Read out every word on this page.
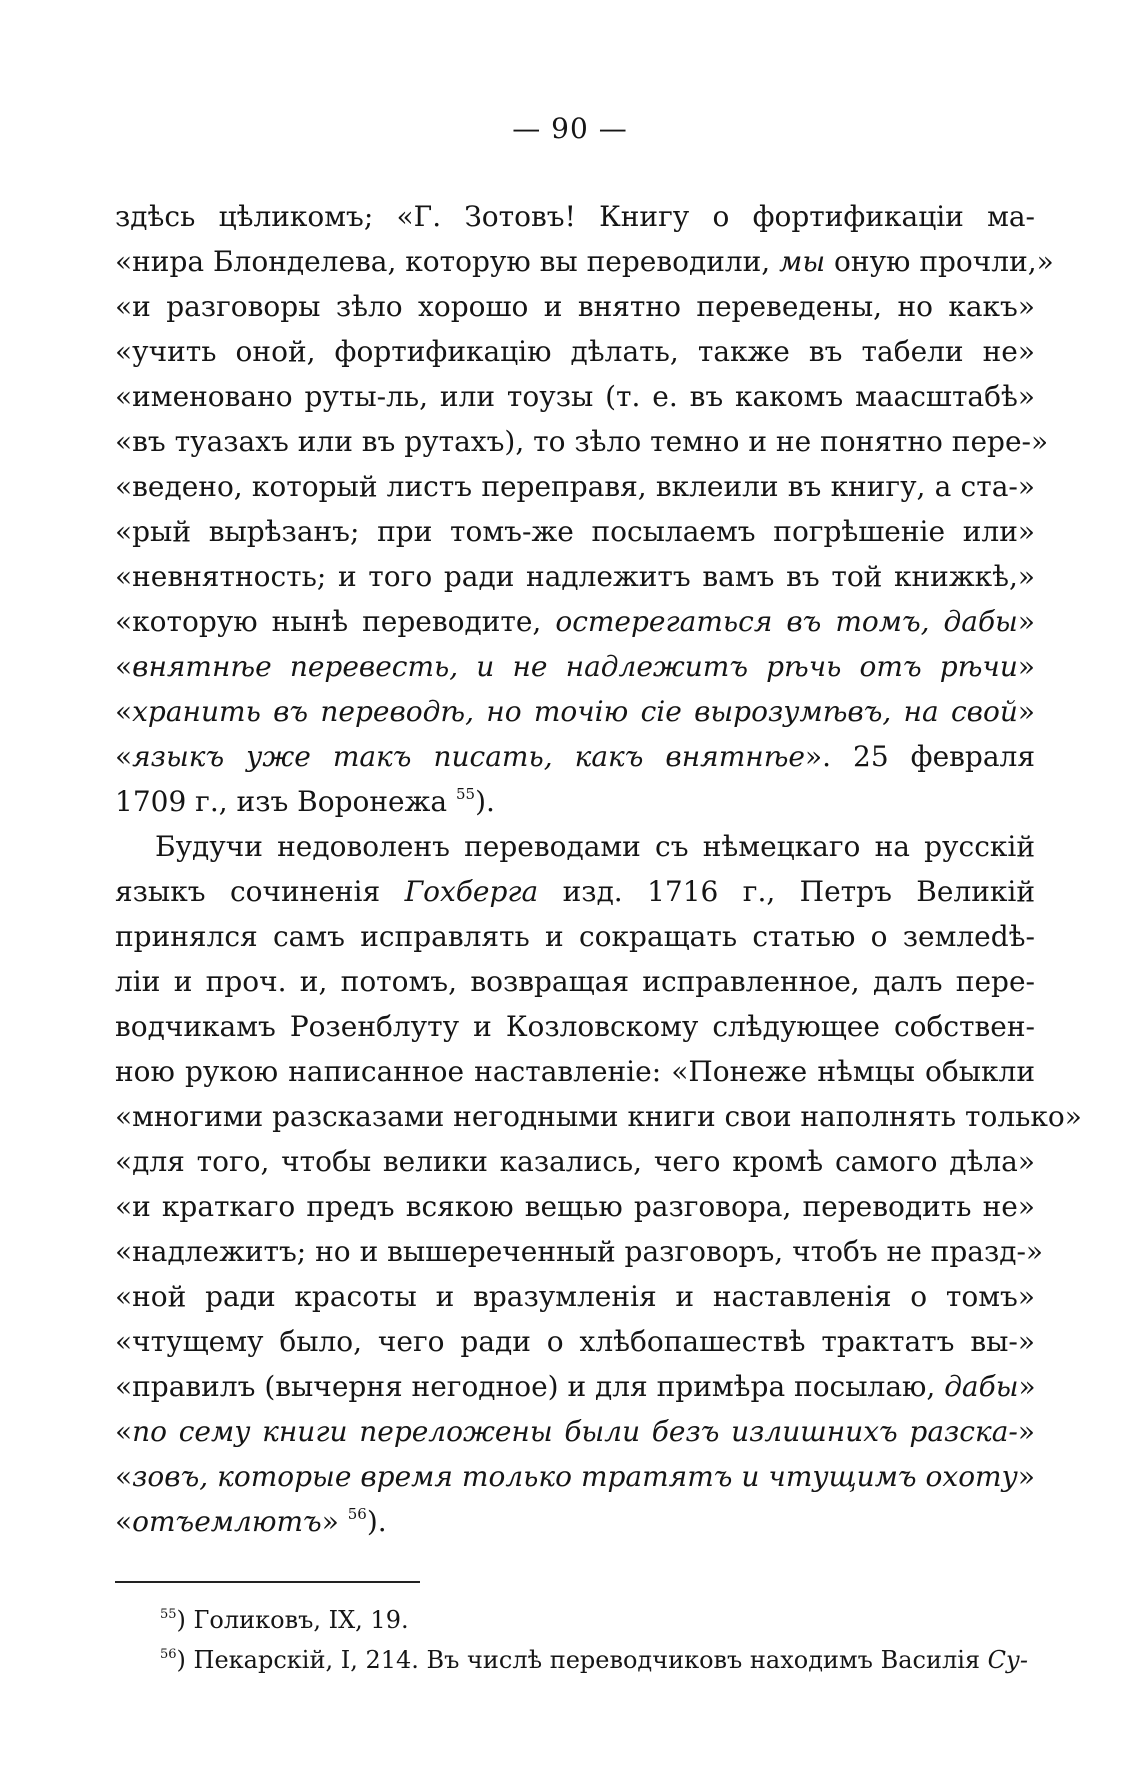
— 90 —
здѣсь цѣликомъ; «Г. Зотовъ! Книгу о фортификаціи ма-
«нира Блонделева, которую вы переводили, мы оную прочли,»
«и разговоры зѣло хорошо и внятно переведены, но какъ»
«учить оной, фортификацію дѣлать, также въ табели не»
«именовано руты-ль, или тоузы (т. е. въ какомъ маасштабѣ»
«въ туазахъ или въ рутахъ), то зѣло темно и не понятно пере-»
«ведено, который листъ переправя, вклеили въ книгу, а ста-»
«рый вырѣзанъ; при томъ-же посылаемъ погрѣшеніе или»
«невнятность; и того ради надлежитъ вамъ въ той книжкѣ,»
«которую нынѣ переводите, остерегаться въ томъ, дабы»
«внятнѣе перевесть, и не надлежитъ рѣчь отъ рѣчи»
«хранить въ переводѣ, но точію сіе вырозумѣвъ, на свой»
«языкъ уже такъ писать, какъ внятнѣе». 25 февраля
1709 г., изъ Воронежа $^{55}$).
Будучи недоволенъ переводами съ нѣмецкаго на русскій
языкъ сочиненія Гохберга изд. 1716 г., Петръ Великій
принялся самъ исправлять и сокращать статью о землedѣ-
ліи и проч. и, потомъ, возвращая исправленное, далъ пере-
водчикамъ Розенблуту и Козловскому слѣдующее собствен-
ною рукою написанное наставленіе: «Понеже нѣмцы обыкли
«многими разсказами негодными книги свои наполнять только»
«для того, чтобы велики казались, чего кромѣ самого дѣла»
«и краткаго предъ всякою вещью разговора, переводить не»
«надлежитъ; но и вышереченный разговоръ, чтобъ не празд-»
«ной ради красоты и вразумленія и наставленія о томъ»
«чтущему было, чего ради о хлѣбопашествѣ трактатъ вы-»
«правилъ (вычерня негодное) и для примѣра посылаю, дабы»
«по сему книги переложены были безъ излишнихъ разска-»
«зовъ, которые время только тратятъ и чтущимъ охоту»
«отъемлютъ» $^{56}$).
$^{55}$) Голиковъ, IX, 19.
$^{56}$) Пекарскій, I, 214. Въ числѣ переводчиковъ находимъ Василія Су-
